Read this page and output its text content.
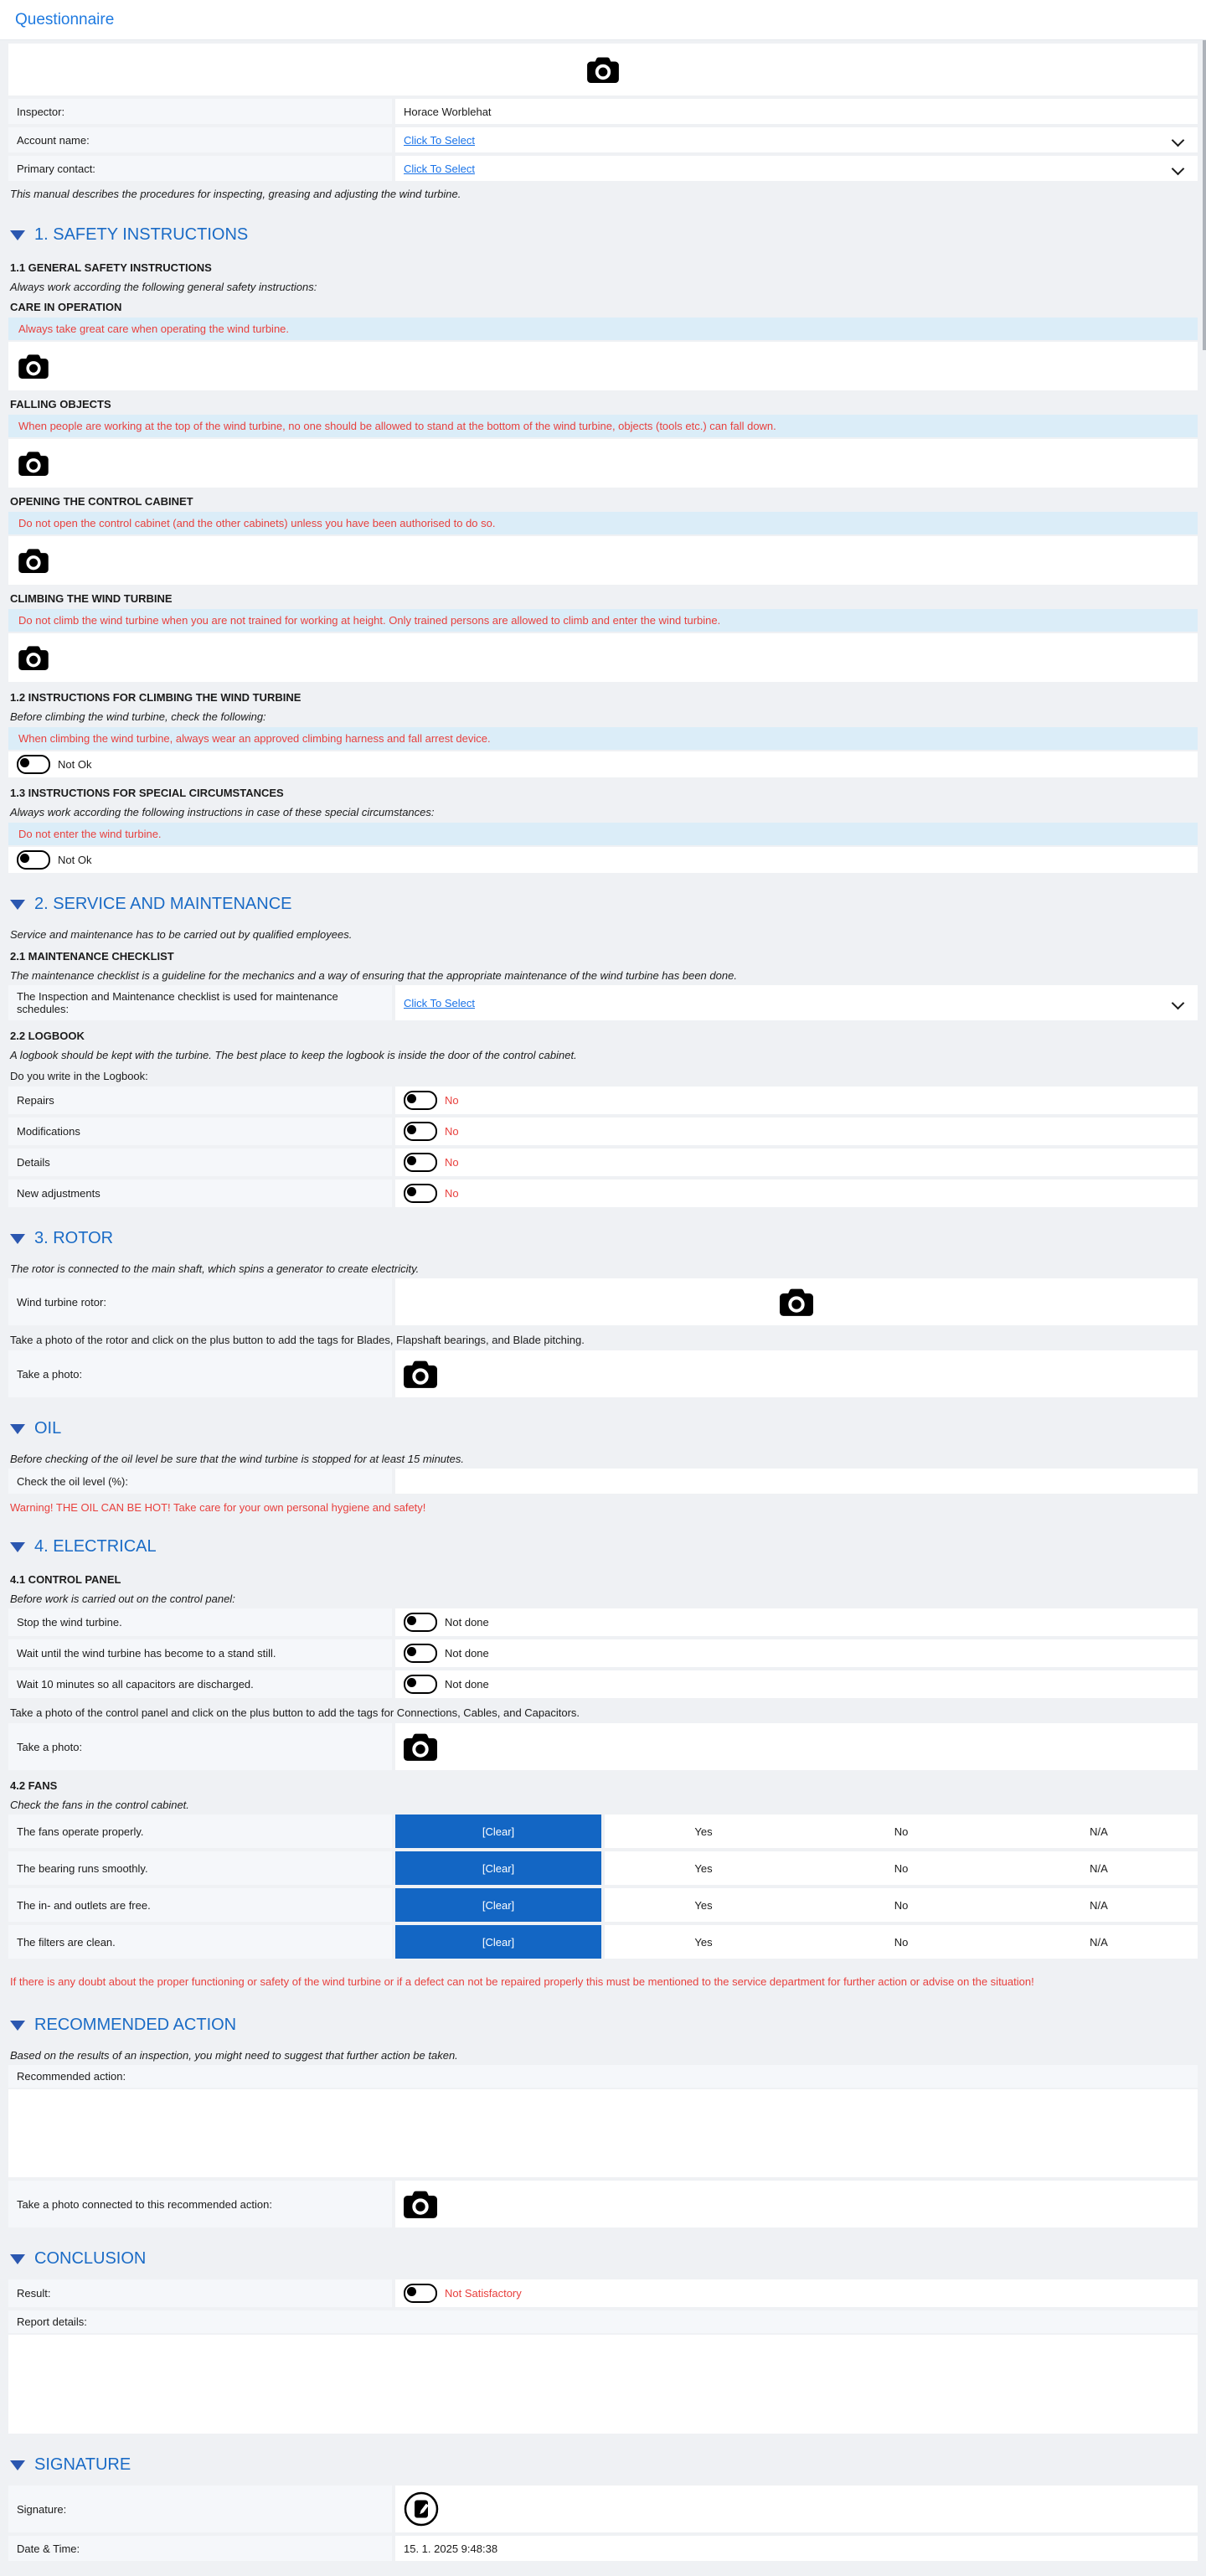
Questionnaire
Inspector:	Horace Worblehat
Account name:	Click To Select
Primary contact:	Click To Select
This manual describes the procedures for inspecting, greasing and adjusting the wind turbine.
1. SAFETY INSTRUCTIONS
1.1 GENERAL SAFETY INSTRUCTIONS
Always work according the following general safety instructions:
CARE IN OPERATION
Always take great care when operating the wind turbine.
FALLING OBJECTS
When people are working at the top of the wind turbine, no one should be allowed to stand at the bottom of the wind turbine, objects (tools etc.) can fall down.
OPENING THE CONTROL CABINET
Do not open the control cabinet (and the other cabinets) unless you have been authorised to do so.
CLIMBING THE WIND TURBINE
Do not climb the wind turbine when you are not trained for working at height. Only trained persons are allowed to climb and enter the wind turbine.
1.2 INSTRUCTIONS FOR CLIMBING THE WIND TURBINE
Before climbing the wind turbine, check the following:
When climbing the wind turbine, always wear an approved climbing harness and fall arrest device.
Not Ok
1.3 INSTRUCTIONS FOR SPECIAL CIRCUMSTANCES
Always work according the following instructions in case of these special circumstances:
Do not enter the wind turbine.
Not Ok
2. SERVICE AND MAINTENANCE
Service and maintenance has to be carried out by qualified employees.
2.1 MAINTENANCE CHECKLIST
The maintenance checklist is a guideline for the mechanics and a way of ensuring that the appropriate maintenance of the wind turbine has been done.
The Inspection and Maintenance checklist is used for maintenance schedules:	Click To Select
2.2 LOGBOOK
A logbook should be kept with the turbine. The best place to keep the logbook is inside the door of the control cabinet.
Do you write in the Logbook:
Repairs	No
Modifications	No
Details	No
New adjustments	No
3. ROTOR
The rotor is connected to the main shaft, which spins a generator to create electricity.
Wind turbine rotor:
Take a photo of the rotor and click on the plus button to add the tags for Blades, Flapshaft bearings, and Blade pitching.
Take a photo:
OIL
Before checking of the oil level be sure that the wind turbine is stopped for at least 15 minutes.
Check the oil level (%):
Warning! THE OIL CAN BE HOT! Take care for your own personal hygiene and safety!
4. ELECTRICAL
4.1 CONTROL PANEL
Before work is carried out on the control panel:
Stop the wind turbine.	Not done
Wait until the wind turbine has become to a stand still.	Not done
Wait 10 minutes so all capacitors are discharged.	Not done
Take a photo of the control panel and click on the plus button to add the tags for Connections, Cables, and Capacitors.
Take a photo:
4.2 FANS
Check the fans in the control cabinet.
The fans operate properly.	[Clear]	Yes	No	N/A
The bearing runs smoothly.	[Clear]	Yes	No	N/A
The in- and outlets are free.	[Clear]	Yes	No	N/A
The filters are clean.	[Clear]	Yes	No	N/A
If there is any doubt about the proper functioning or safety of the wind turbine or if a defect can not be repaired properly this must be mentioned to the service department for further action or advise on the situation!
RECOMMENDED ACTION
Based on the results of an inspection, you might need to suggest that further action be taken.
Recommended action:
Take a photo connected to this recommended action:
CONCLUSION
Result:	Not Satisfactory
Report details:
SIGNATURE
Signature:
Date & Time:	15. 1. 2025 9:48:38
